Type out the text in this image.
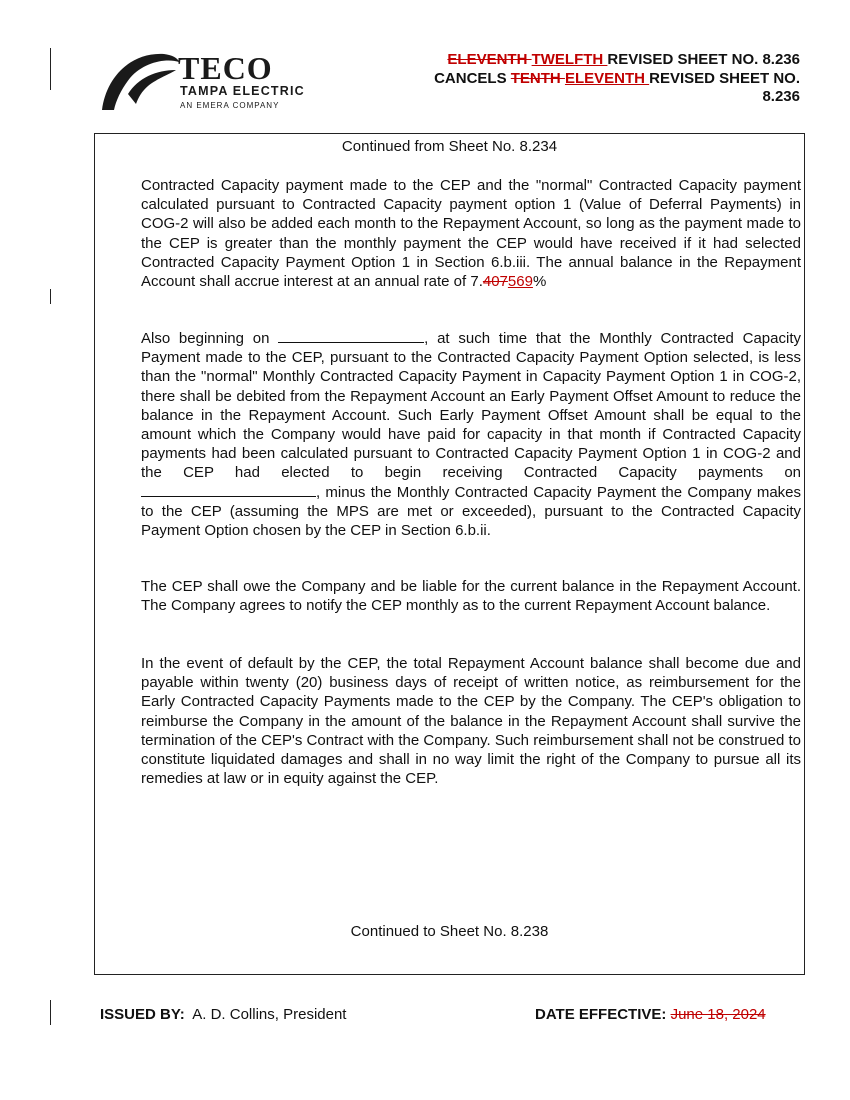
TECO
TAMPA ELECTRIC
AN EMERA COMPANY
ELEVENTH TWELFTH REVISED SHEET NO. 8.236
CANCELS TENTH ELEVENTH REVISED SHEET NO.
8.236
Continued from Sheet No. 8.234
Contracted Capacity payment made to the CEP and the "normal" Contracted Capacity payment calculated pursuant to Contracted Capacity payment option 1 (Value of Deferral Payments) in COG-2 will also be added each month to the Repayment Account, so long as the payment made to the CEP is greater than the monthly payment the CEP would have received if it had selected Contracted Capacity Payment Option 1 in Section 6.b.iii. The annual balance in the Repayment Account shall accrue interest at an annual rate of 7.407569%
Also beginning on	, at such time that the Monthly Contracted Capacity Payment made to the CEP, pursuant to the Contracted Capacity Payment Option selected, is less than the "normal" Monthly Contracted Capacity Payment in Capacity Payment Option 1 in COG-2, there shall be debited from the Repayment Account an Early Payment Offset Amount to reduce the balance in the Repayment Account. Such Early Payment Offset Amount shall be equal to the amount which the Company would have paid for capacity in that month if Contracted Capacity payments had been calculated pursuant to Contracted Capacity Payment Option 1 in COG-2 and the CEP had elected to begin receiving Contracted Capacity payments on , minus the Monthly Contracted Capacity Payment the Company makes to the CEP (assuming the MPS are met or exceeded), pursuant to the Contracted Capacity Payment Option chosen by the CEP in Section 6.b.ii.
The CEP shall owe the Company and be liable for the current balance in the Repayment Account. The Company agrees to notify the CEP monthly as to the current Repayment Account balance.
In the event of default by the CEP, the total Repayment Account balance shall become due and payable within twenty (20) business days of receipt of written notice, as reimbursement for the Early Contracted Capacity Payments made to the CEP by the Company. The CEP's obligation to reimburse the Company in the amount of the balance in the Repayment Account shall survive the termination of the CEP's Contract with the Company. Such reimbursement shall not be construed to constitute liquidated damages and shall in no way limit the right of the Company to pursue all its remedies at law or in equity against the CEP.
Continued to Sheet No. 8.238
ISSUED BY: A. D. Collins, President	DATE EFFECTIVE: June 18, 2024
